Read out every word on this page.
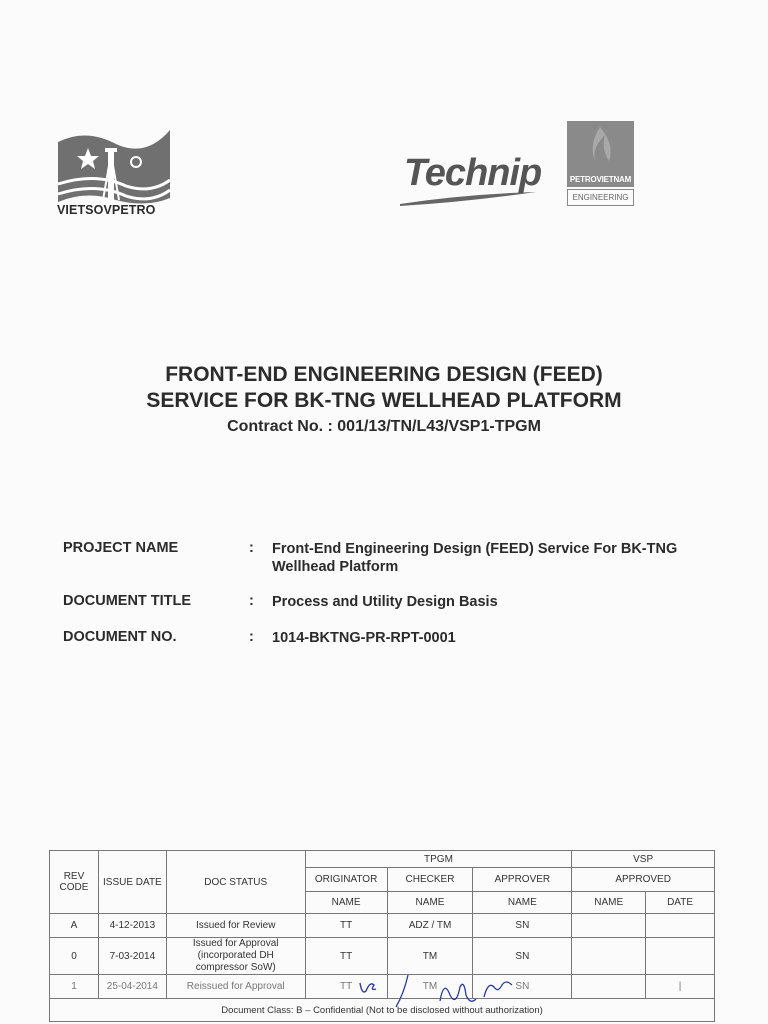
VIETSOVPETRO
Technip	PETROVIETNAM
ENGINEERING
FRONT-END ENGINEERING DESIGN (FEED)
SERVICE FOR BK-TNG WELLHEAD PLATFORM
Contract No. : 001/13/TN/L43/VSP1-TPGM
PROJECT NAME	: Front-End Engineering Design (FEED) Service For BK-TNG Wellhead Platform
DOCUMENT TITLE	: Process and Utility Design Basis
DOCUMENT NO.	: 1014-BKTNG-PR-RPT-0001
REV CODE	ISSUE DATE	DOC STATUS	TPGM			VSP	
			ORIGINATOR	CHECKER	APPROVER	APPROVED	
			NAME	NAME	NAME	NAME	DATE
A	4-12-2013	Issued for Review	TT	ADZ / TM	SN		
0	7-03-2014	Issued for Approval (incorporated DH compressor SoW)	TT	TM	SN		
1	25-04-2014	Reissued for Approval	TT	TM	SN		|
Document Class: B – Confidential (Not to be disclosed without authorization)							
